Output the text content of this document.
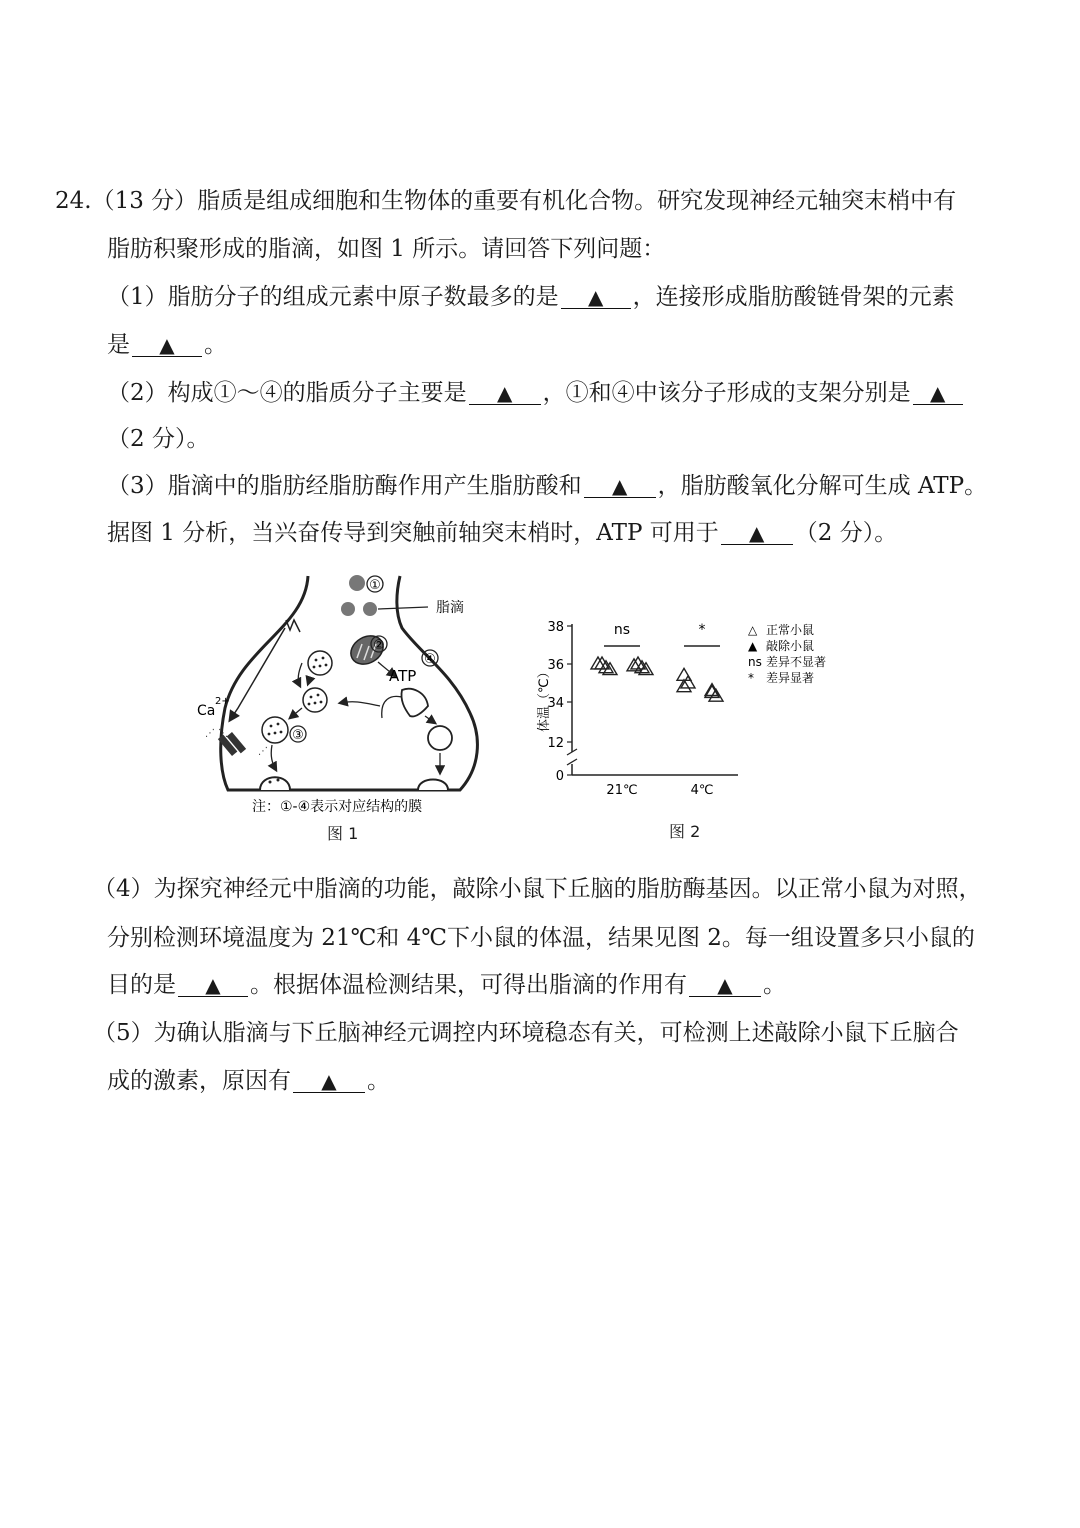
24.（13 分）脂质是组成细胞和生物体的重要有机化合物。研究发现神经元轴突末梢中有
脂肪积聚形成的脂滴，如图 1 所示。请回答下列问题：
（1）脂肪分子的组成元素中原子数最多的是 ▲ ，连接形成脂肪酸链骨架的元素
是 ▲ 。
（2）构成①～④的脂质分子主要是 ▲ ，①和④中该分子形成的支架分别是 ▲
（2 分）。
（3）脂滴中的脂肪经脂肪酶作用产生脂肪酸和 ▲ ，脂肪酸氧化分解可生成 ATP。
据图 1 分析，当兴奋传导到突触前轴突末梢时，ATP 可用于 ▲ （2 分）。
①
脂滴
②
④
ATP
③
Ca
2+
⋰ ⋱
⋰
注：①-④表示对应结构的膜
图 1
38
36
34
12
0
体温（℃）
21℃
ns
4℃
*	△ 正常小鼠
▲ 敲除小鼠
ns 差异不显著
* 差异显著
图 2
（4）为探究神经元中脂滴的功能，敲除小鼠下丘脑的脂肪酶基因。以正常小鼠为对照，
分别检测环境温度为 21℃和 4℃下小鼠的体温，结果见图 2。每一组设置多只小鼠的
目的是 ▲ 。根据体温检测结果，可得出脂滴的作用有 ▲ 。
（5）为确认脂滴与下丘脑神经元调控内环境稳态有关，可检测上述敲除小鼠下丘脑合
成的激素，原因有 ▲ 。
